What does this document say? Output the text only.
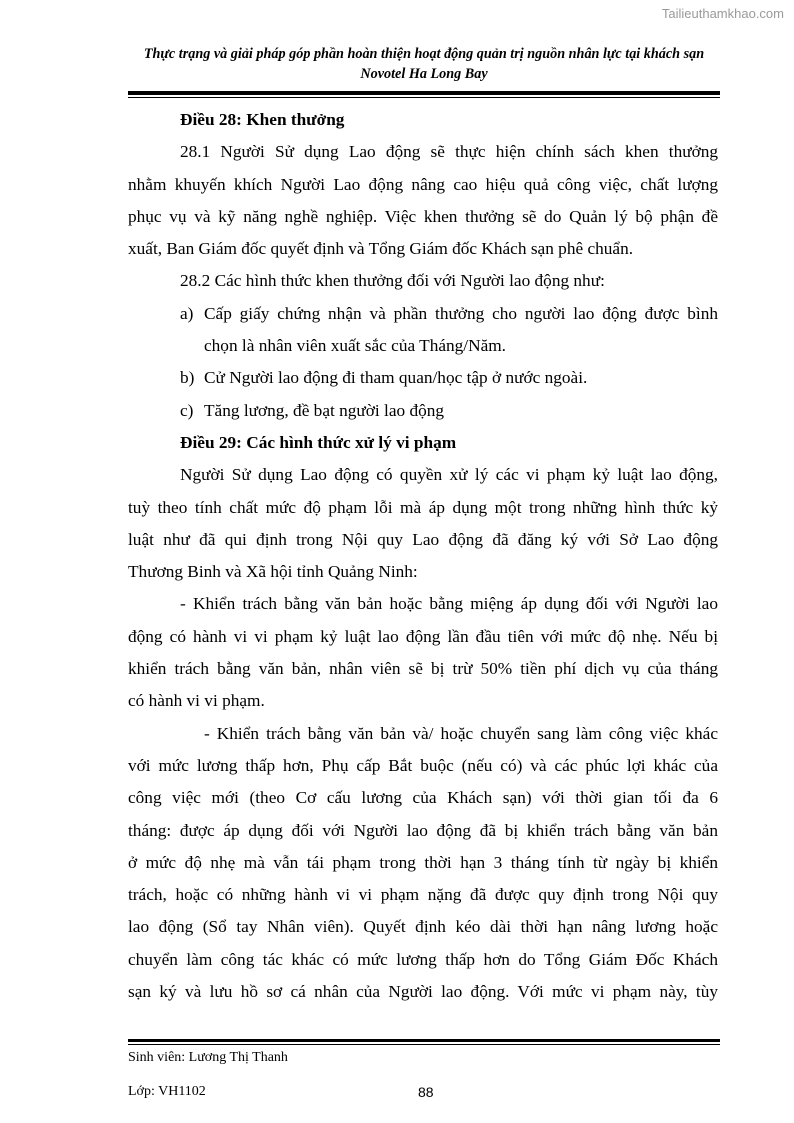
Tailieuthamkhao.com
Thực trạng và giải pháp góp phần hoàn thiện hoạt động quản trị nguồn nhân lực tại khách sạn
Novotel Ha Long Bay
Điều 28: Khen thưởng
28.1 Người Sử dụng Lao động sẽ thực hiện chính sách khen thưởng
nhằm khuyến khích Người Lao động nâng cao hiệu quả công việc, chất lượng
phục vụ và kỹ năng nghề nghiệp. Việc khen thưởng sẽ do Quản lý bộ phận đề
xuất, Ban Giám đốc quyết định và Tổng Giám đốc Khách sạn phê chuẩn.
28.2 Các hình thức khen thưởng đối với Người lao động như:
a) Cấp giấy chứng nhận và phần thưởng cho người lao động được bình
chọn là nhân viên xuất sắc của Tháng/Năm.
b) Cử Người lao động đi tham quan/học tập ở nước ngoài.
c) Tăng lương, đề bạt người lao động
Điều 29: Các hình thức xử lý vi phạm
Người Sử dụng Lao động có quyền xử lý các vi phạm kỷ luật lao động,
tuỳ theo tính chất mức độ phạm lỗi mà áp dụng một trong những hình thức kỷ
luật như đã qui định trong Nội quy Lao động đã đăng ký với Sở Lao động
Thương Binh và Xã hội tỉnh Quảng Ninh:
- Khiển trách bằng văn bản hoặc bằng miệng áp dụng đối với Người lao
động có hành vi vi phạm kỷ luật lao động lần đầu tiên với mức độ nhẹ. Nếu bị
khiển trách bằng văn bản, nhân viên sẽ bị trừ 50% tiền phí dịch vụ của tháng
có hành vi vi phạm.
- Khiển trách bằng văn bản và/ hoặc chuyển sang làm công việc khác
với mức lương thấp hơn, Phụ cấp Bắt buộc (nếu có) và các phúc lợi khác của
công việc mới (theo Cơ cấu lương của Khách sạn) với thời gian tối đa 6
tháng: được áp dụng đối với Người lao động đã bị khiển trách bằng văn bản
ở mức độ nhẹ mà vẫn tái phạm trong thời hạn 3 tháng tính từ ngày bị khiển
trách, hoặc có những hành vi vi phạm nặng đã được quy định trong Nội quy
lao động (Sổ tay Nhân viên). Quyết định kéo dài thời hạn nâng lương hoặc
chuyển làm công tác khác có mức lương thấp hơn do Tổng Giám Đốc Khách
sạn ký và lưu hồ sơ cá nhân của Người lao động. Với mức vi phạm này, tùy
Sinh viên: Lương Thị Thanh
Lớp: VH1102	88
